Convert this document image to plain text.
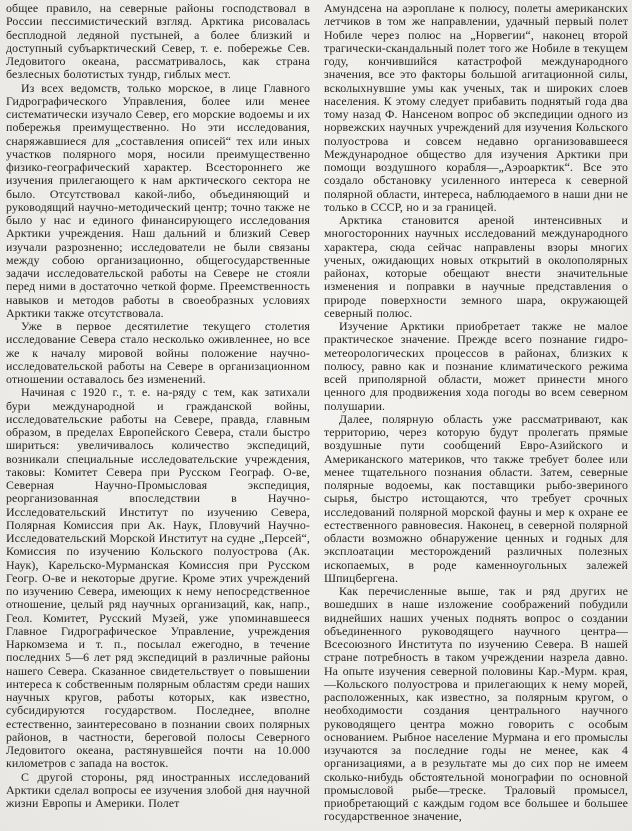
общее правило, на северные районы господствовал в России пессимистический взгляд. Арктика рисовалась бесплодной ледяной пустыней, а более близкий и доступный субъарктический Север, т. е. побережье Сев. Ледовитого океана, рассматривалось, как страна безлесных болотистых тундр, гиблых мест.

Из всех ведомств, только морское, в лице Главного Гидрографического Управления, более или менее систематически изучало Север, его морские водоемы и их побережья преимущественно. Но эти исследования, снаряжавшиеся для „составления описей“ тех или иных участков полярного моря, носили преимущественно физико-географический характер. Всестороннего же изучения прилегающего к нам арктического сектора не было. Отсутствовал какой-либо, объединяющий и руководящий научно-методический центр; точно также не было у нас и единого финансирующего исследования Арктики учреждения. Наш дальний и близкий Север изучали разрозненно; исследователи не были связаны между собою организационно, общегосударственные задачи исследовательской работы на Севере не стояли перед ними в достаточно четкой форме. Преемственность навыков и методов работы в своеобразных условиях Арктики также отсутствовала.

Уже в первое десятилетие текущего столетия исследование Севера стало несколько оживленнее, но все же к началу мировой войны положение научно-исследовательской работы на Севере в организационном отношении оставалось без изменений.

Начиная с 1920 г., т. е. на-ряду с тем, как затихали бури международной и гражданской войны, исследовательские работы на Севере, правда, главным образом, в пределах Европейского Севера, стали быстро шириться: увеличивалось количество экспедиций, возникали специальные исследовательские учреждения, таковы: Комитет Севера при Русском Географ. О-ве, Северная Научно-Промысловая экспедиция, реорганизованная впоследствии в Научно-Исследовательский Институт по изучению Севера, Полярная Комиссия при Ак. Наук, Пловучий Научно-Исследовательский Морской Институт на судне „Персей“, Комиссия по изучению Кольского полуострова (Ак. Наук), Карельско-Мурманская Комиссия при Русском Геогр. О-ве и некоторые другие. Кроме этих учреждений по изучению Севера, имеющих к нему непосредственное отношение, целый ряд научных организаций, как, напр., Геол. Комитет, Русский Музей, уже упоминавшееся Главное Гидрографическое Управление, учреждения Наркомзема и т. п., посылал ежегодно, в течение последних 5—6 лет ряд экспедиций в различные районы нашего Севера. Сказанное свидетельствует о повышении интереса к собственным полярным областям среди наших научных кругов, работы которых, как известно, субсидируются государством. Последнее, вполне естественно, заинтересовано в познании своих полярных районов, в частности, береговой полосы Северного Ледовитого океана, растянувшейся почти на 10.000 километров с запада на восток.

С другой стороны, ряд иностранных исследований Арктики сделал вопросы ее изучения злобой дня научной жизни Европы и Америки. Полет

Амундсена на аэроплане к полюсу, полеты американских летчиков в том же направлении, удачный первый полет Нобиле через полюс на „Норвегии“, наконец второй трагически-скандальный полет того же Нобиле в текущем году, кончившийся катастрофой международного значения, все это факторы большой агитационной силы, всколыхнувшие умы как ученых, так и широких слоев населения. К этому следует прибавить поднятый года два тому назад Ф. Нансеном вопрос об экспедиции одного из норвежских научных учреждений для изучения Кольского полуострова и совсем недавно организовавшееся Международное общество для изучения Арктики при помощи воздушного корабля—„Аэроарктик“. Все это создало обстановку усиленного интереса к северной полярной области, интереса, наблюдаемого в наши дни не только в СССР, но и за границей.

Арктика становится ареной интенсивных и многосторонних научных исследований международного характера, сюда сейчас направлены взоры многих ученых, ожидающих новых открытий в околополярных районах, которые обещают внести значительные изменения и поправки в научные представления о природе поверхности земного шара, окружающей северный полюс.

Изучение Арктики приобретает также не малое практическое значение. Прежде всего познание гидро-метеорологических процессов в районах, близких к полюсу, равно как и познание климатического режима всей приполярной области, может принести много ценного для продвижения хода погоды во всем северном полушарии.

Далее, полярную область уже рассматривают, как территорию, через которую будут пролегать прямые воздушные пути сообщений Евро-Азийского и Американского материков, что также требует более или менее тщательного познания области. Затем, северные полярные водоемы, как поставщики рыбо-звериного сырья, быстро истощаются, что требует срочных исследований полярной морской фауны и мер к охране ее естественного равновесия. Наконец, в северной полярной области возможно обнаружение ценных и годных для эксплоатации месторождений различных полезных ископаемых, в роде каменноугольных залежей Шпицбергена.

Как перечисленные выше, так и ряд других не вошедших в наше изложение соображений побудили виднейших наших ученых поднять вопрос о создании объединенного руководящего научного центра—Всесоюзного Института по изучению Севера. В нашей стране потребность в таком учреждении назрела давно. На опыте изучения северной половины Кар.-Мурм. края,—Кольского полуострова и прилегающих к нему морей, расположенных, как известно, за полярным кругом, о необходимости создания центрального научного руководящего центра можно говорить с особым основанием. Рыбное население Мурмана и его промыслы изучаются за последние годы не менее, как 4 организациями, а в результате мы до сих пор не имеем сколько-нибудь обстоятельной монографии по основной промысловой рыбе—треске. Траловый промысел, приобретающий с каждым годом все большее и большее государственное значение,
